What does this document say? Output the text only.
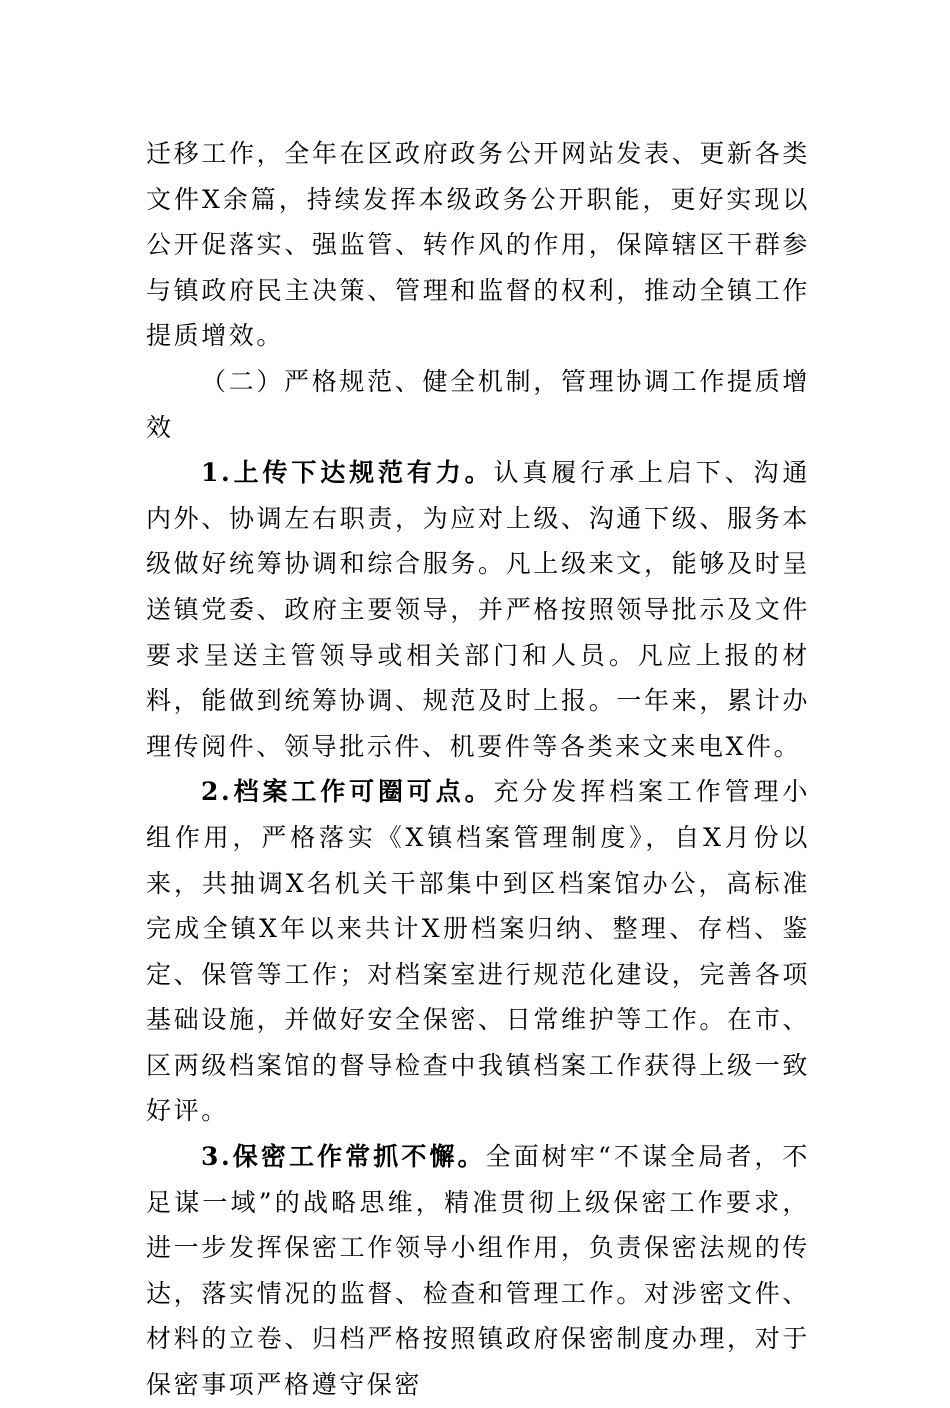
迁移工作，全年在区政府政务公开网站发表、更新各类文件X余篇，持续发挥本级政务公开职能，更好实现以公开促落实、强监管、转作风的作用，保障辖区干群参与镇政府民主决策、管理和监督的权利，推动全镇工作提质增效。

（二）严格规范、健全机制，管理协调工作提质增效

1.上传下达规范有力。认真履行承上启下、沟通内外、协调左右职责，为应对上级、沟通下级、服务本级做好统筹协调和综合服务。凡上级来文，能够及时呈送镇党委、政府主要领导，并严格按照领导批示及文件要求呈送主管领导或相关部门和人员。凡应上报的材料，能做到统筹协调、规范及时上报。一年来，累计办理传阅件、领导批示件、机要件等各类来文来电X件。

2.档案工作可圈可点。充分发挥档案工作管理小组作用，严格落实《X镇档案管理制度》，自X月份以来，共抽调X名机关干部集中到区档案馆办公，高标准完成全镇X年以来共计X册档案归纳、整理、存档、鉴定、保管等工作；对档案室进行规范化建设，完善各项基础设施，并做好安全保密、日常维护等工作。在市、区两级档案馆的督导检查中我镇档案工作获得上级一致好评。

3.保密工作常抓不懈。全面树牢“不谋全局者，不足谋一域”的战略思维，精准贯彻上级保密工作要求，进一步发挥保密工作领导小组作用，负责保密法规的传达，落实情况的监督、检查和管理工作。对涉密文件、材料的立卷、归档严格按照镇政府保密制度办理，对于保密事项严格遵守保密
